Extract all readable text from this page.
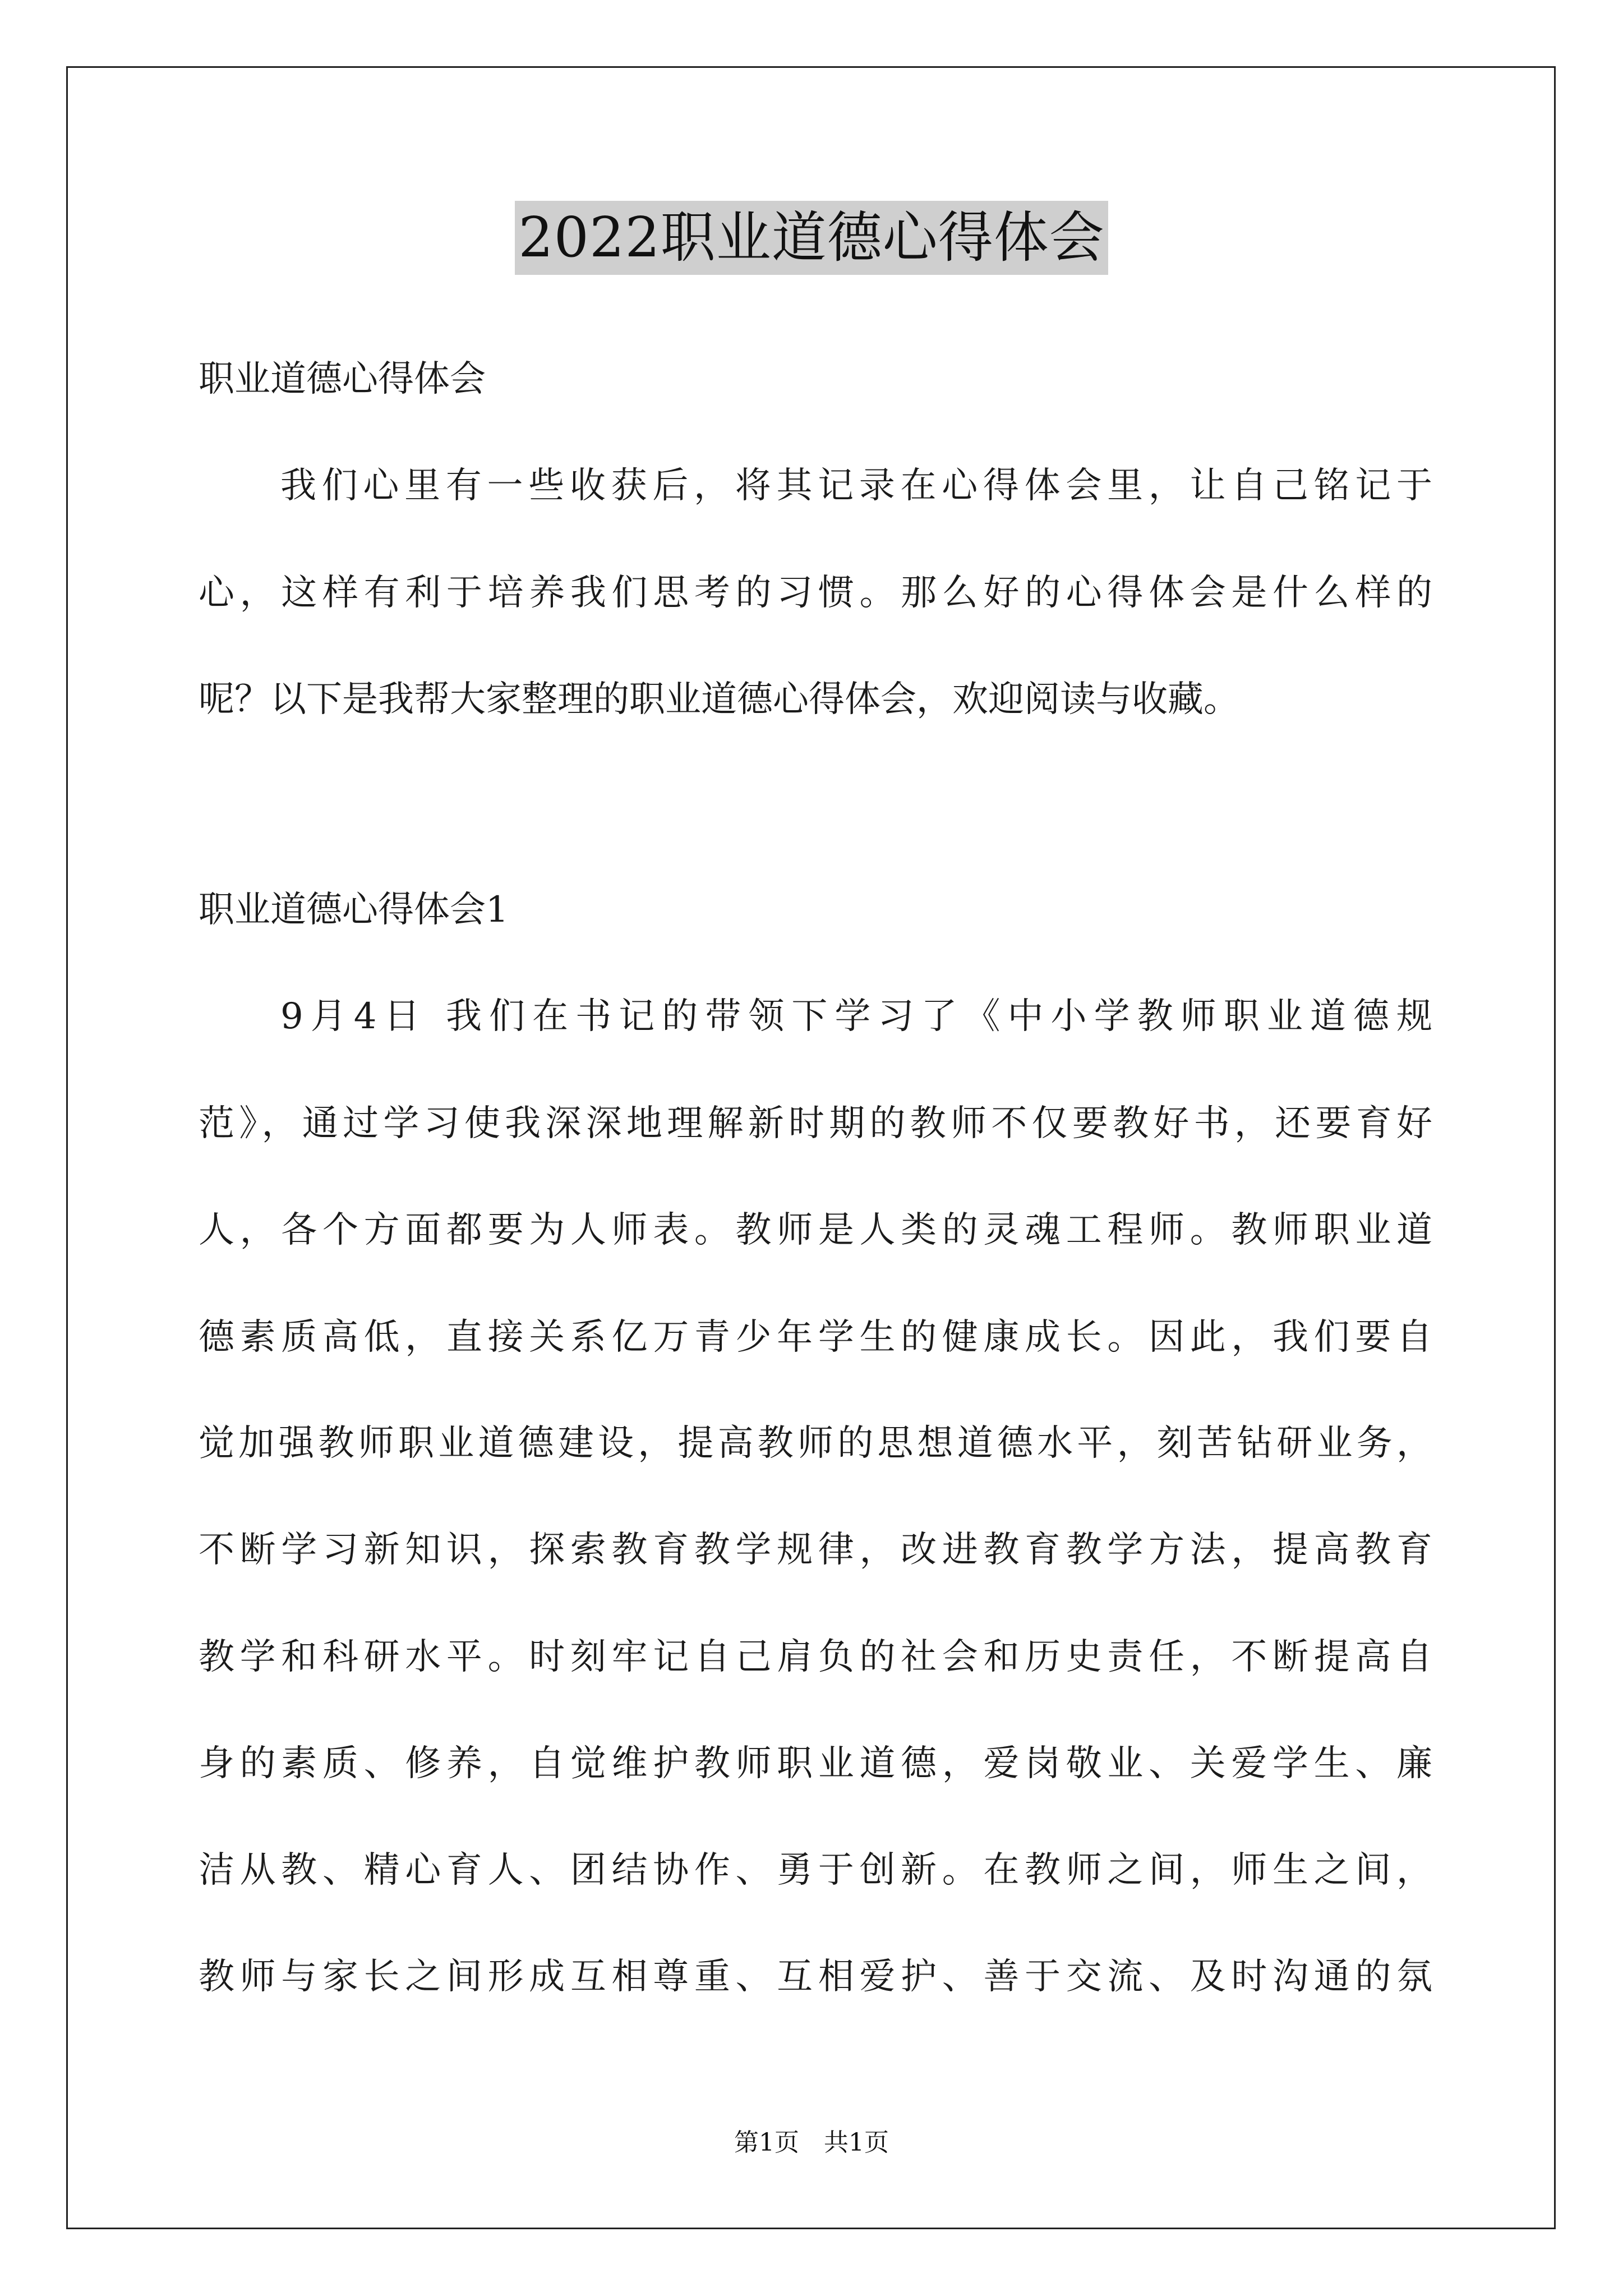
2022职业道德心得体会
职业道德心得体会
我们心里有一些收获后，将其记录在心得体会里，让自己铭记于
心，这样有利于培养我们思考的习惯。那么好的心得体会是什么样的
呢？以下是我帮大家整理的职业道德心得体会，欢迎阅读与收藏。
职业道德心得体会1
9月4日 我们在书记的带领下学习了《中小学教师职业道德规
范》，通过学习使我深深地理解新时期的教师不仅要教好书，还要育好
人，各个方面都要为人师表。教师是人类的灵魂工程师。教师职业道
德素质高低，直接关系亿万青少年学生的健康成长。因此，我们要自
觉加强教师职业道德建设，提高教师的思想道德水平，刻苦钻研业务，
不断学习新知识，探索教育教学规律，改进教育教学方法，提高教育
教学和科研水平。时刻牢记自己肩负的社会和历史责任，不断提高自
身的素质、修养，自觉维护教师职业道德，爱岗敬业、关爱学生、廉
洁从教、精心育人、团结协作、勇于创新。在教师之间，师生之间，
教师与家长之间形成互相尊重、互相爱护、善于交流、及时沟通的氛
第1页　共1页
